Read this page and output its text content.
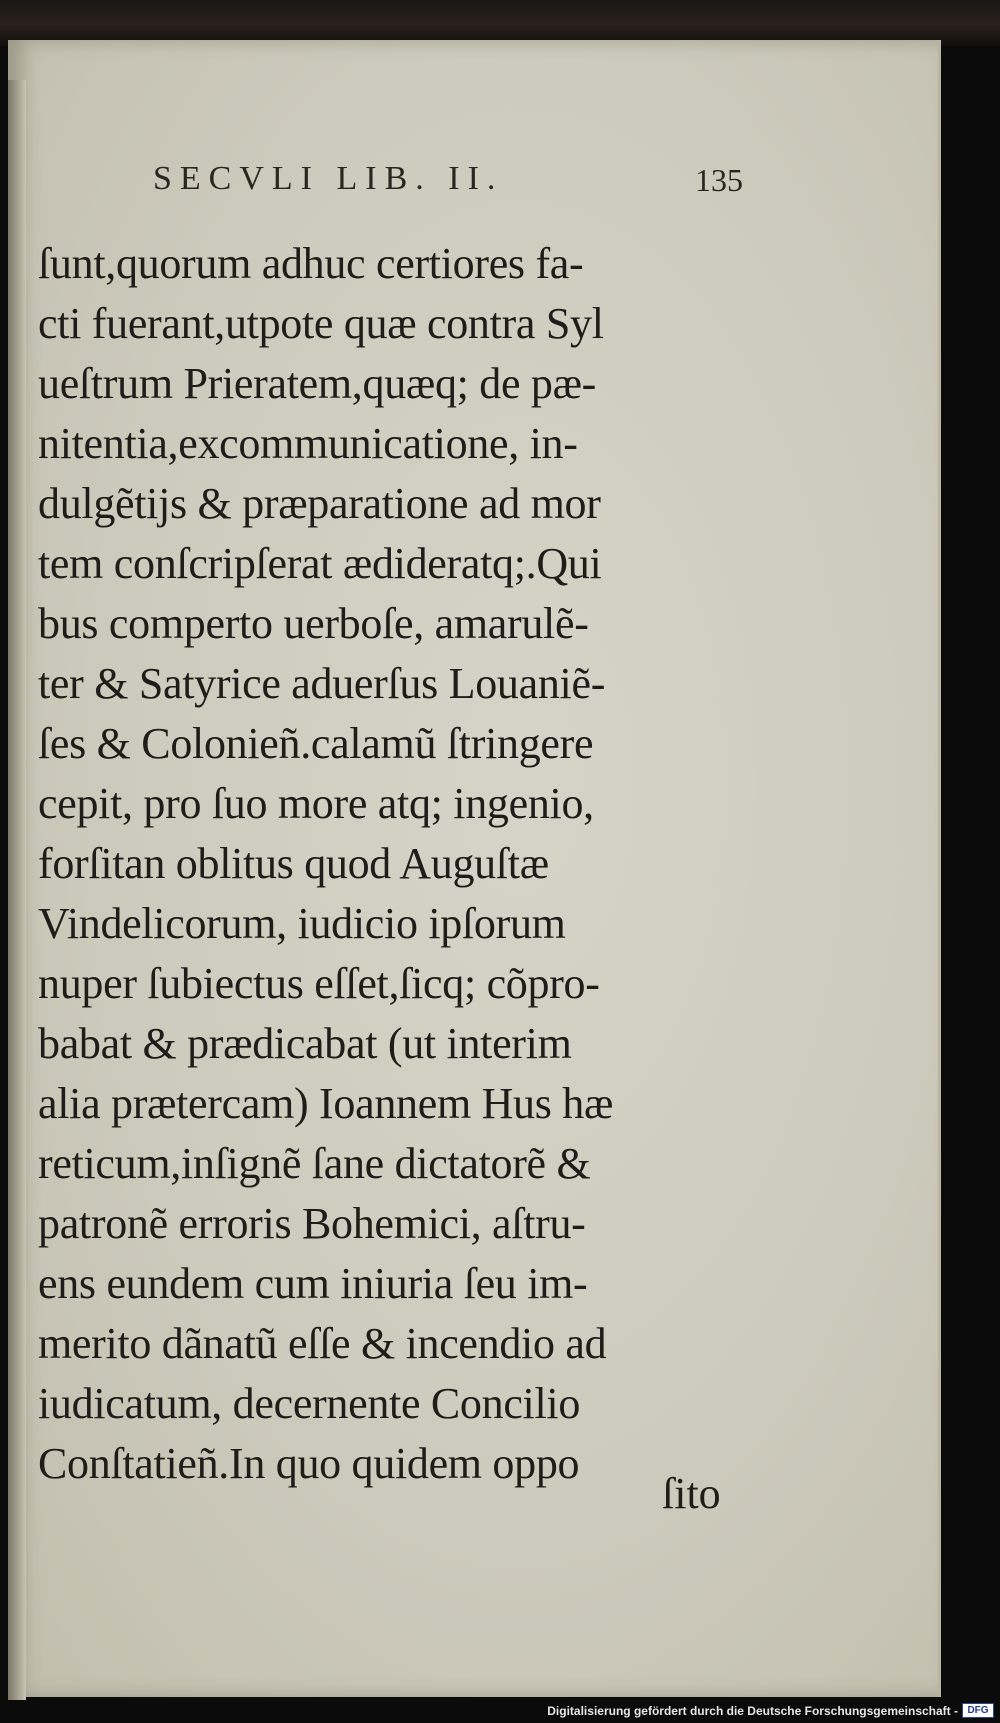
SECVLI LIB. II.	135
ſunt,quorum adhuc certiores fa-
cti fuerant,utpote quæ contra Syl
ueſtrum Prieratem,quæq; de pæ-
nitentia,excommunicatione, in-
dulgẽtijs & præparatione ad mor
tem conſcripſerat ædideratq;.Qui
bus comperto uerboſe, amarulẽ-
ter & Satyrice aduerſus Louaniẽ-
ſes & Colonieñ.calamũ ſtringere
cepit, pro ſuo more atq; ingenio,
forſitan oblitus quod Auguſtæ
Vindelicorum, iudicio ipſorum
nuper ſubiectus eſſet,ſicq; cõpro-
babat & prædicabat (ut interim
alia prætercam) Ioannem Hus hæ
reticum,inſignẽ ſane dictatorẽ &
patronẽ erroris Bohemici, aſtru-
ens eundem cum iniuria ſeu im-
merito dãnatũ eſſe & incendio ad
iudicatum, decernente Concilio
Conſtatieñ.In quo quidem oppo
ſito
Digitalisierung gefördert durch die Deutsche Forschungsgemeinschaft - DFG
